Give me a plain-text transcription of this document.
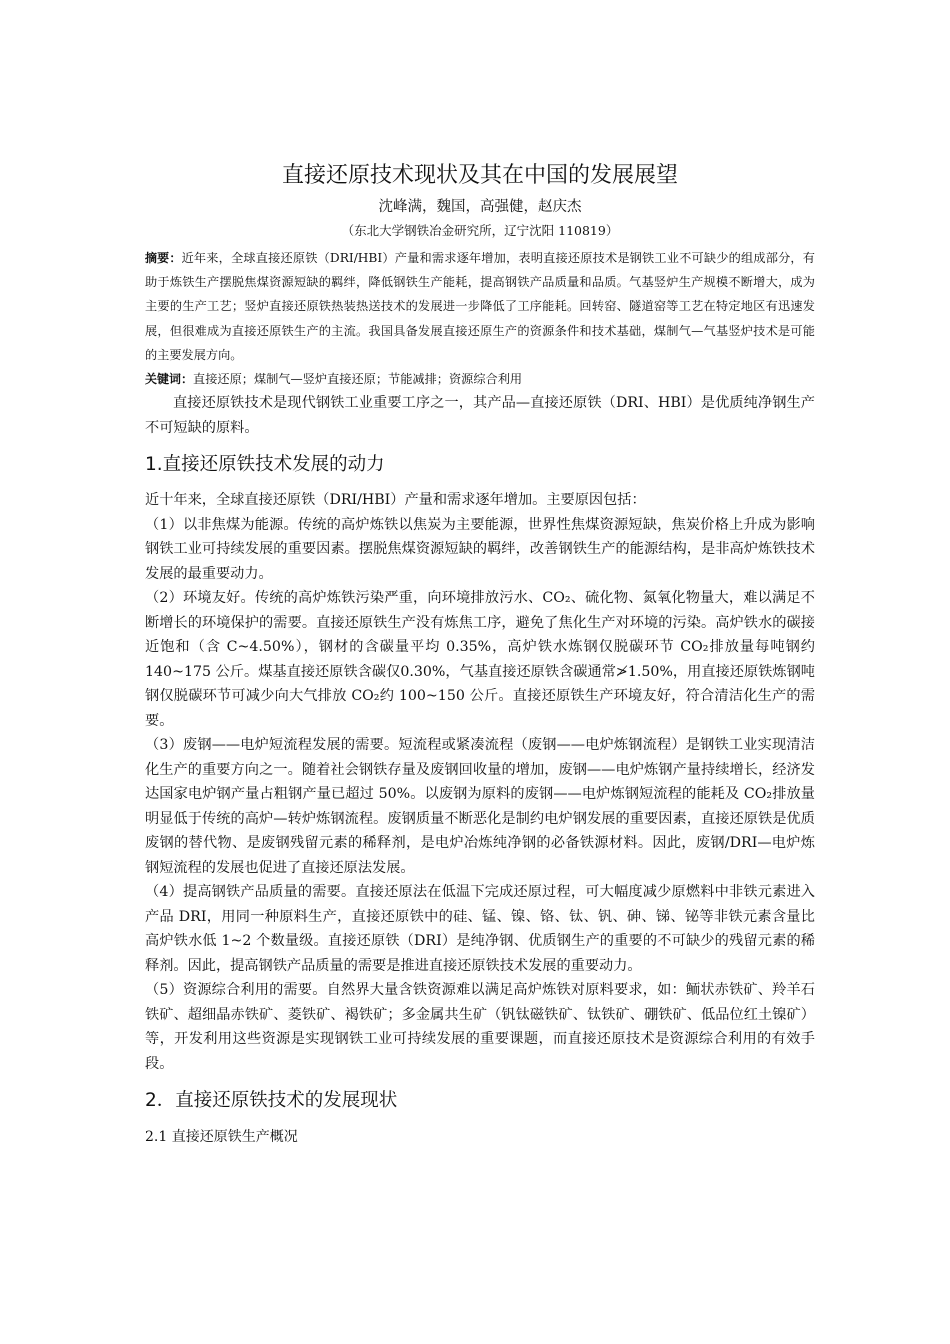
直接还原技术现状及其在中国的发展展望

沈峰满，魏国，高强健，赵庆杰

（东北大学钢铁冶金研究所，辽宁沈阳 110819）

摘要：近年来，全球直接还原铁（DRI/HBI）产量和需求逐年增加，表明直接还原技术是钢铁工业不可缺少的组成部分，有助于炼铁生产摆脱焦煤资源短缺的羁绊，降低钢铁生产能耗，提高钢铁产品质量和品质。气基竖炉生产规模不断增大，成为主要的生产工艺；竖炉直接还原铁热装热送技术的发展进一步降低了工序能耗。回转窑、隧道窑等工艺在特定地区有迅速发展，但很难成为直接还原铁生产的主流。我国具备发展直接还原生产的资源条件和技术基础，煤制气—气基竖炉技术是可能的主要发展方向。

关键词：直接还原；煤制气—竖炉直接还原；节能减排；资源综合利用

直接还原铁技术是现代钢铁工业重要工序之一，其产品—直接还原铁（DRI、HBI）是优质纯净钢生产不可短缺的原料。

1.直接还原铁技术发展的动力

近十年来，全球直接还原铁（DRI/HBI）产量和需求逐年增加。主要原因包括：

（1）以非焦煤为能源。传统的高炉炼铁以焦炭为主要能源，世界性焦煤资源短缺，焦炭价格上升成为影响钢铁工业可持续发展的重要因素。摆脱焦煤资源短缺的羁绊，改善钢铁生产的能源结构，是非高炉炼铁技术发展的最重要动力。

（2）环境友好。传统的高炉炼铁污染严重，向环境排放污水、CO₂、硫化物、氮氧化物量大，难以满足不断增长的环境保护的需要。直接还原铁生产没有炼焦工序，避免了焦化生产对环境的污染。高炉铁水的碳接近饱和（含 C~4.50%），钢材的含碳量平均 0.35%，高炉铁水炼钢仅脱碳环节 CO₂排放量每吨钢约 140~175 公斤。煤基直接还原铁含碳仅0.30%，气基直接还原铁含碳通常≯1.50%，用直接还原铁炼钢吨钢仅脱碳环节可减少向大气排放 CO₂约 100~150 公斤。直接还原铁生产环境友好，符合清洁化生产的需要。

（3）废钢——电炉短流程发展的需要。短流程或紧凑流程（废钢——电炉炼钢流程）是钢铁工业实现清洁化生产的重要方向之一。随着社会钢铁存量及废钢回收量的增加，废钢——电炉炼钢产量持续增长，经济发达国家电炉钢产量占粗钢产量已超过 50%。以废钢为原料的废钢——电炉炼钢短流程的能耗及 CO₂排放量明显低于传统的高炉—转炉炼钢流程。废钢质量不断恶化是制约电炉钢发展的重要因素，直接还原铁是优质废钢的替代物、是废钢残留元素的稀释剂，是电炉冶炼纯净钢的必备铁源材料。因此，废钢/DRI—电炉炼钢短流程的发展也促进了直接还原法发展。

（4）提高钢铁产品质量的需要。直接还原法在低温下完成还原过程，可大幅度减少原燃料中非铁元素进入产品 DRI，用同一种原料生产，直接还原铁中的硅、锰、镍、铬、钛、钒、砷、锑、铋等非铁元素含量比高炉铁水低 1~2 个数量级。直接还原铁（DRI）是纯净钢、优质钢生产的重要的不可缺少的残留元素的稀释剂。因此，提高钢铁产品质量的需要是推进直接还原铁技术发展的重要动力。

（5）资源综合利用的需要。自然界大量含铁资源难以满足高炉炼铁对原料要求，如：鲕状赤铁矿、羚羊石铁矿、超细晶赤铁矿、菱铁矿、褐铁矿；多金属共生矿（钒钛磁铁矿、钛铁矿、硼铁矿、低品位红土镍矿）等，开发利用这些资源是实现钢铁工业可持续发展的重要课题，而直接还原技术是资源综合利用的有效手段。

2．直接还原铁技术的发展现状

2.1 直接还原铁生产概况
